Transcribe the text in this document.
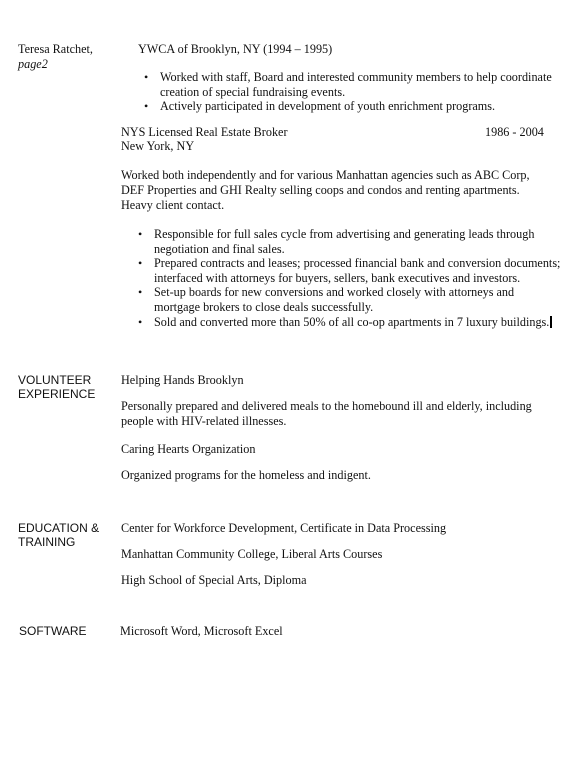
Teresa Ratchet,
page2
YWCA of Brooklyn, NY (1994 – 1995)
• Worked with staff, Board and interested community members to help coordinate creation of special fundraising events.
• Actively participated in development of youth enrichment programs.
NYS Licensed Real Estate Broker	1986 - 2004
New York, NY
Worked both independently and for various Manhattan agencies such as ABC Corp, DEF Properties and GHI Realty selling coops and condos and renting apartments. Heavy client contact.
• Responsible for full sales cycle from advertising and generating leads through negotiation and final sales.
• Prepared contracts and leases; processed financial bank and conversion documents; interfaced with attorneys for buyers, sellers, bank executives and investors.
• Set-up boards for new conversions and worked closely with attorneys and mortgage brokers to close deals successfully.
• Sold and converted more than 50% of all co-op apartments in 7 luxury buildings.
VOLUNTEER
EXPERIENCE
Helping Hands Brooklyn
Personally prepared and delivered meals to the homebound ill and elderly, including people with HIV-related illnesses.
Caring Hearts Organization
Organized programs for the homeless and indigent.
EDUCATION &
TRAINING
Center for Workforce Development, Certificate in Data Processing
Manhattan Community College, Liberal Arts Courses
High School of Special Arts, Diploma
SOFTWARE	Microsoft Word, Microsoft Excel
